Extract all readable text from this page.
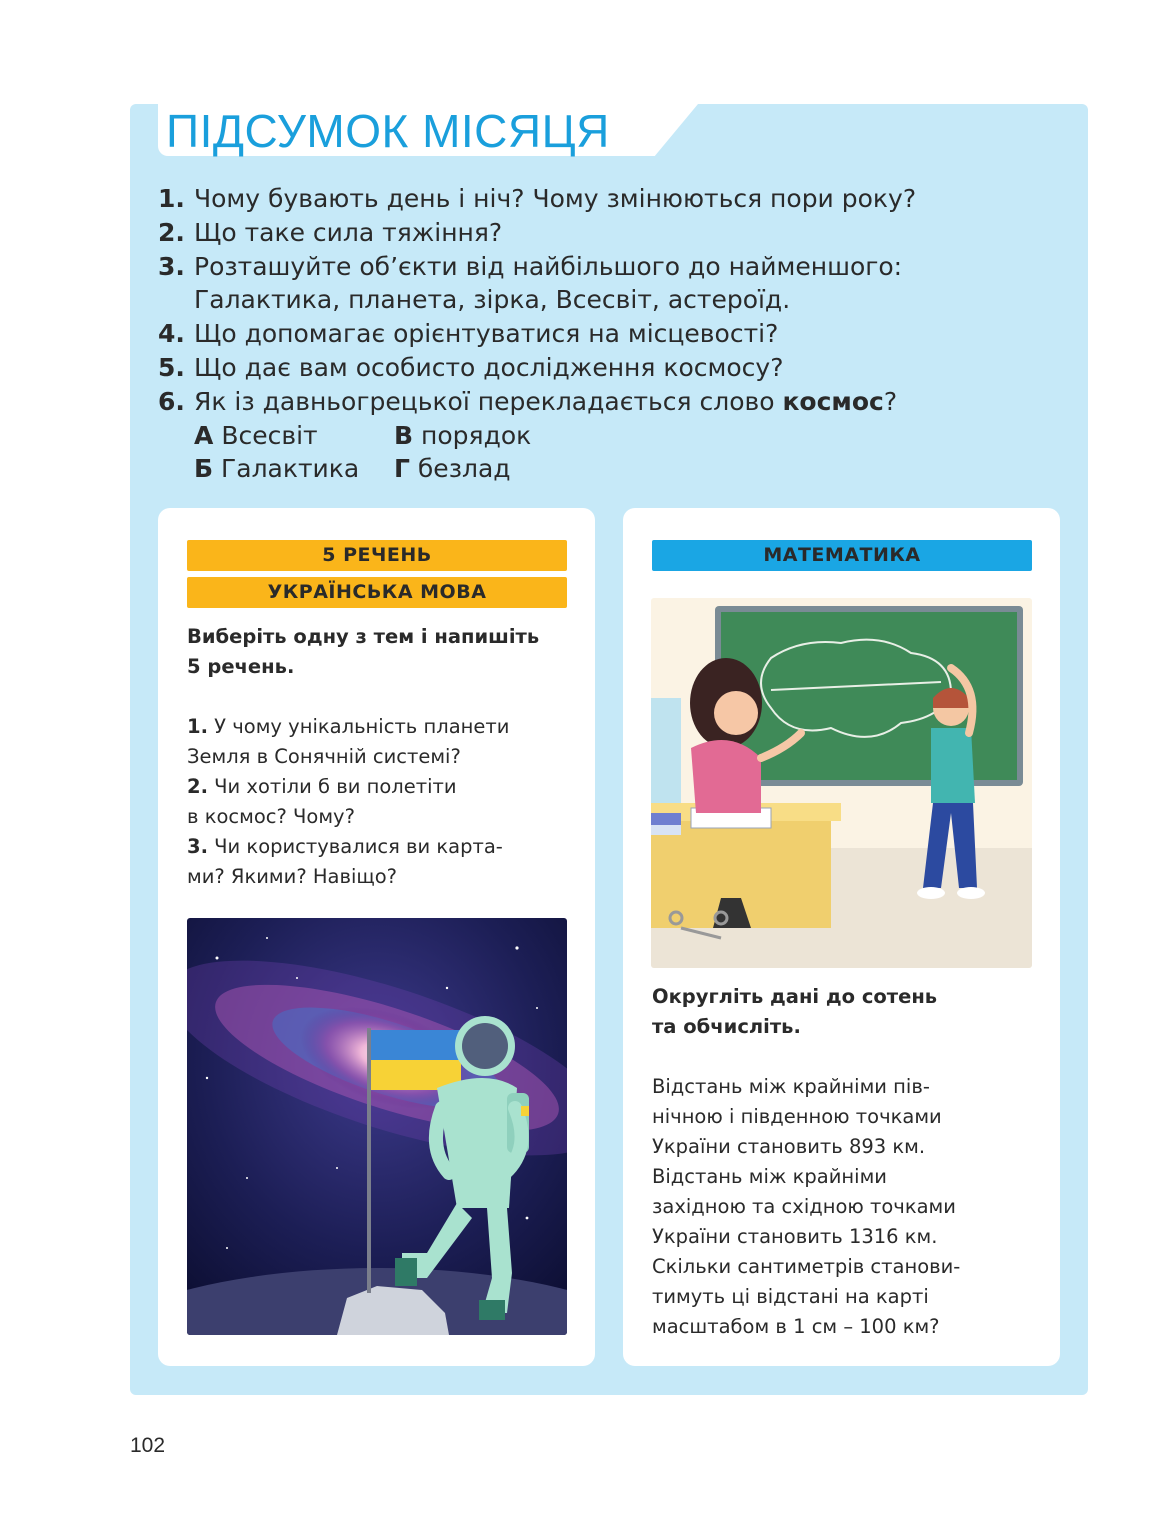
ПІДСУМОК МІСЯЦЯ
1. Чому бувають день і ніч? Чому змінюються пори року?
2. Що таке сила тяжіння?
3. Розташуйте об’єкти від найбільшого до найменшого:
Галактика, планета, зірка, Всесвіт, астероїд.
4. Що допомагає орієнтуватися на місцевості?
5. Що дає вам особисто дослідження космосу?
6. Як із давньогрецької перекладається слово космос?
А Всесвіт	В порядок
Б Галактика	Г безлад
5 РЕЧЕНЬ
УКРАЇНСЬКА МОВА

Виберіть одну з тем і напишіть

5 речень.

1. У чому унікальність планети

Земля в Сонячній системі?

2. Чи хотіли б ви полетіти

в космос? Чому?

3. Чи користувалися ви карта-

ми? Якими? Навіщо?

МАТЕМАТИКА

Округліть дані до сотень

та обчисліть.

Відстань між крайніми пів-

нічною і південною точками

України становить 893 км.

Відстань між крайніми

західною та східною точками

України становить 1316 км.

Скільки сантиметрів станови-

тимуть ці відстані на карті

масштабом в 1 см – 100 км?

102
